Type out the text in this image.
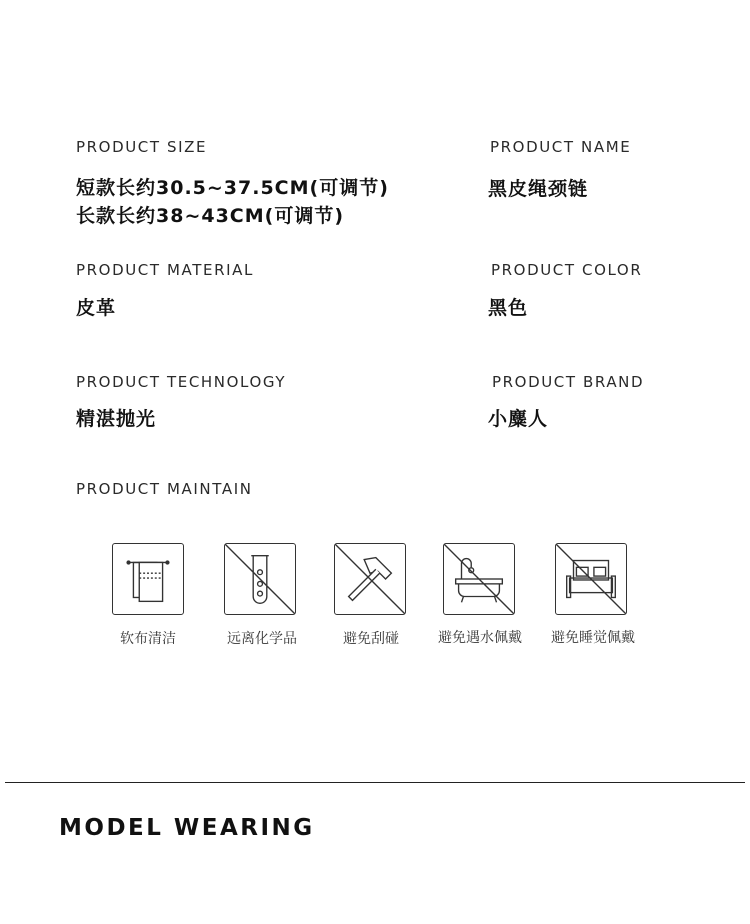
PRODUCT SIZE
短款长约30.5~37.5CM(可调节)
长款长约38~43CM(可调节)
PRODUCT NAME
黑皮绳颈链
PRODUCT MATERIAL
皮革
PRODUCT COLOR
黑色
PRODUCT TECHNOLOGY
精湛抛光
PRODUCT BRAND
小麋人
PRODUCT MAINTAIN
软布清洁	远离化学品	避免刮碰	避免遇水佩戴	避免睡觉佩戴
MODEL WEARING
